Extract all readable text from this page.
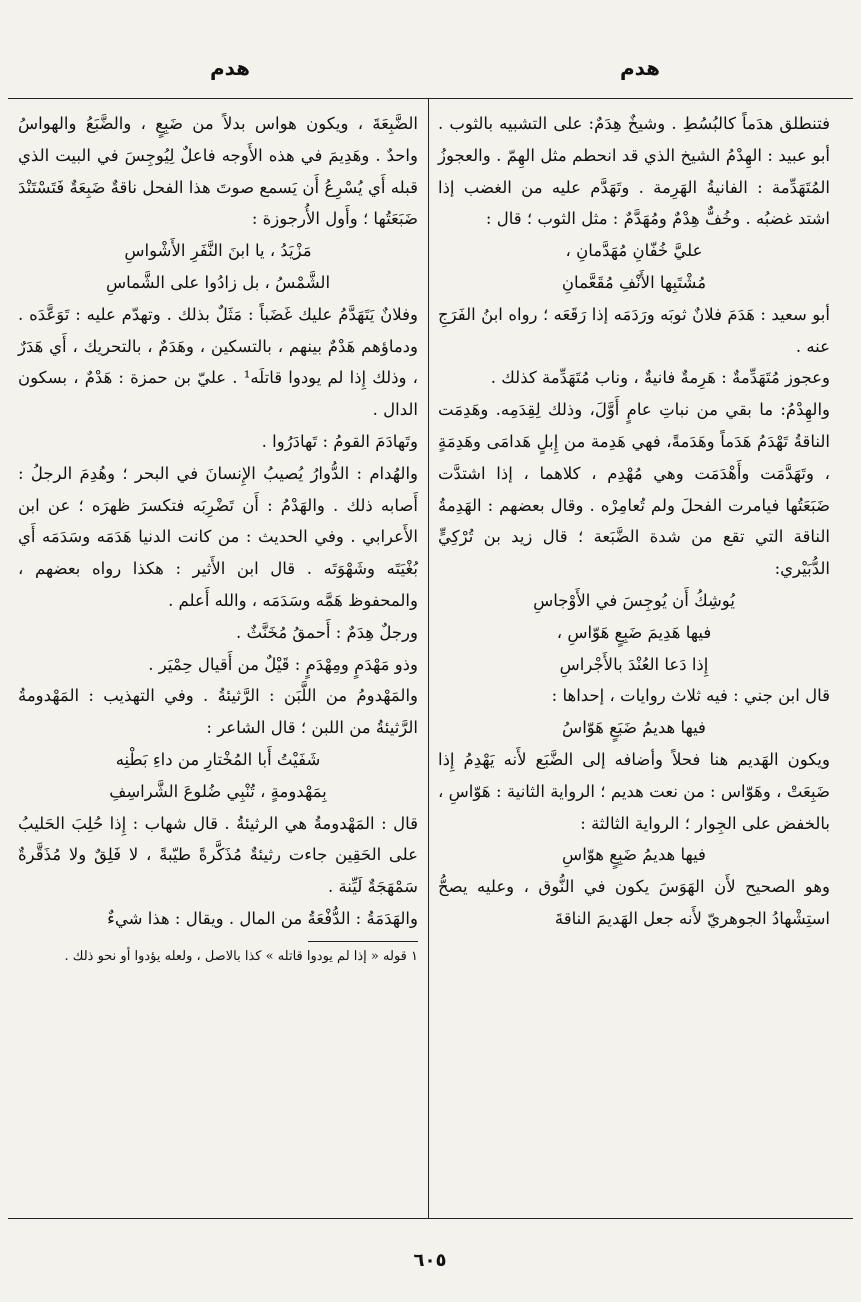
هدم	هدم

فتنطلق هدَماً كالبُسُطِ . وشيخٌ هِدَمٌ: على التشبيه بالثوب . أبو عبيد : الهِدْمُ الشيخ الذي قد انحطم مثل الهِمّ . والعجوزُ المُتَهَدِّمة : الفانيةُ الهَرِمة . وتَهَدَّم عليه من الغضب إذا اشتد غضبُه . وخُفٌّ هِدْمٌ ومُهَدَّمٌ : مثل الثوب ؛ قال :

عليَّ خُفّانِ مُهَدَّمانِ ،

مُشْتَبِها الأَنْفِ مُقَعَّمانِ

أبو سعيد : هَدَمَ فلانٌ ثوبَه ورَدَمَه إذا رَقَعَه ؛ رواه ابنُ الفَرَجِ عنه .

وعجوز مُتَهَدِّمةٌ : هَرِمةٌ فانيةٌ ، وناب مُتَهَدِّمة كذلك .

والهِدْمُ: ما بقي من نباتِ عامٍ أَوَّلَ، وذلك لِقِدَمِه. وهَدِمَت الناقةُ تَهْدَمُ هَدَماً وهَدَمةً، فهي هَدِمة من إِبلٍ هَدامَى وهَدِمَةٍ ، وتَهَدَّمَت وأَهْدَمَت وهي مُهْدِم ، كلاهما ، إذا اشتدَّت ضَبَعَتُها فيامرت الفحلَ ولم تُعامِرْه . وقال بعضهم : الهَدِمةُ الناقة التي تقع من شدة الضَّبَعة ؛ قال زيد بن تُرْكِيٍّ الدُّبَيْري:

يُوشِكُ أَن يُوجِسَ في الأَوْجاسِ

فيها هَدِيمَ ضَبِعٍ هَوّاسِ ،

إِذا دَعا العُنْدَ بالأَجْراسِ

قال ابن جني : فيه ثلاث روايات ، إحداها :

فيها هديمُ ضَبَعٍ هَوّاسُ

ويكون الهَديم هنا فحلاً وأضافه إلى الضَّبَع لأَنه يَهْدِمُ إِذا ضَبِعَتْ ، وهَوّاس : من نعت هديم ؛ الرواية الثانية : هَوّاسِ ، بالخفض على الجِوار ؛ الرواية الثالثة :

فيها هديمُ ضَبِعٍ هوّاسِ

وهو الصحيح لأَن الهَوَسَ يكون في النُّوق ، وعليه يصحُّ استِشْهادُ الجوهريّ لأَنه جعل الهَديمَ الناقةَ

الضَّبِعَةَ ، ويكون هواس بدلاً من ضَبِعٍ ، والضَّبَعُ والهواسُ واحدٌ . وهَدِيمَ في هذه الأَوجه فاعلٌ لِيُوجِسَ في البيت الذي قبله أَي يُسْرِعُ أَن يَسمع صوتَ هذا الفحل ناقةٌ ضَبِعَةٌ فَتَسْتَنْدَ ضَبَعَتُها ؛ وأَول الأُرجوزة :

مَزْيَدُ ، يا ابنَ النَّفَرِ الأَشْواسِ

الشَّمْسُ ، بل زادُوا على الشَّماسِ

وفلانٌ يَتَهَدَّمُ عليك غَضَباً : مَثَلٌ بذلك . وتهدّم عليه : تَوَعَّدَه . ودماؤهم هَدْمٌ بينهم ، بالتسكين ، وهَدَمٌ ، بالتحريك ، أَي هَدَرٌ ، وذلك إِذا لم يودوا قاتلَه¹ . عليّ بن حمزة : هَدْمٌ ، بسكون الدال .

وتَهادَمَ القومُ : تَهادَرُوا .

والهُدام : الدُّوارُ يُصيبُ الإِنسانَ في البحر ؛ وهُدِمَ الرجلُ : أَصابه ذلك . والهَدْمُ : أَن تَضْرِبَه فتكسرَ ظهرَه ؛ عن ابن الأَعرابي . وفي الحديث : من كانت الدنيا هَدَمَه وسَدَمَه أَي بُغْيَتَه وشَهْوَتَه . قال ابن الأَثير : هكذا رواه بعضهم ، والمحفوظ هَمَّه وسَدَمَه ، والله أَعلم .

ورجلٌ هِدَمٌ : أَحمقُ مُخَنَّثٌ .

وذو مَهْدَمٍ ومِهْدَمٍ : قَيْلٌ من أَقيال حِمْيَر .

والمَهْدومُ من اللَّبَن : الرَّثيئةُ . وفي التهذيب : المَهْدومةُ الرَّثيئةُ من اللبن ؛ قال الشاعر :

شَفَيْتُ أَبا المُخْتارِ من داءِ بَطْنِه

بِمَهْدومةٍ ، تُنْبِي ضُلوعَ الشَّراسِفِ

قال : المَهْدومةُ هي الرثيئةُ . قال شهاب : إِذا حُلِبَ الحَليبُ على الحَقِين جاءت رثيئةٌ مُذَكَّرةً طيّبةً ، لا فَلِقٌ ولا مُذَقَّرةٌ سَمْهَجَةٌ لَيِّنة .

والهَدَمَةُ : الدُّفْعَةُ من المال . ويقال : هذا شيءٌ

١ قوله « إذا لم يودوا قاتله » كذا بالاصل ، ولعله يؤدوا أو نحو ذلك .

٦٠٥
